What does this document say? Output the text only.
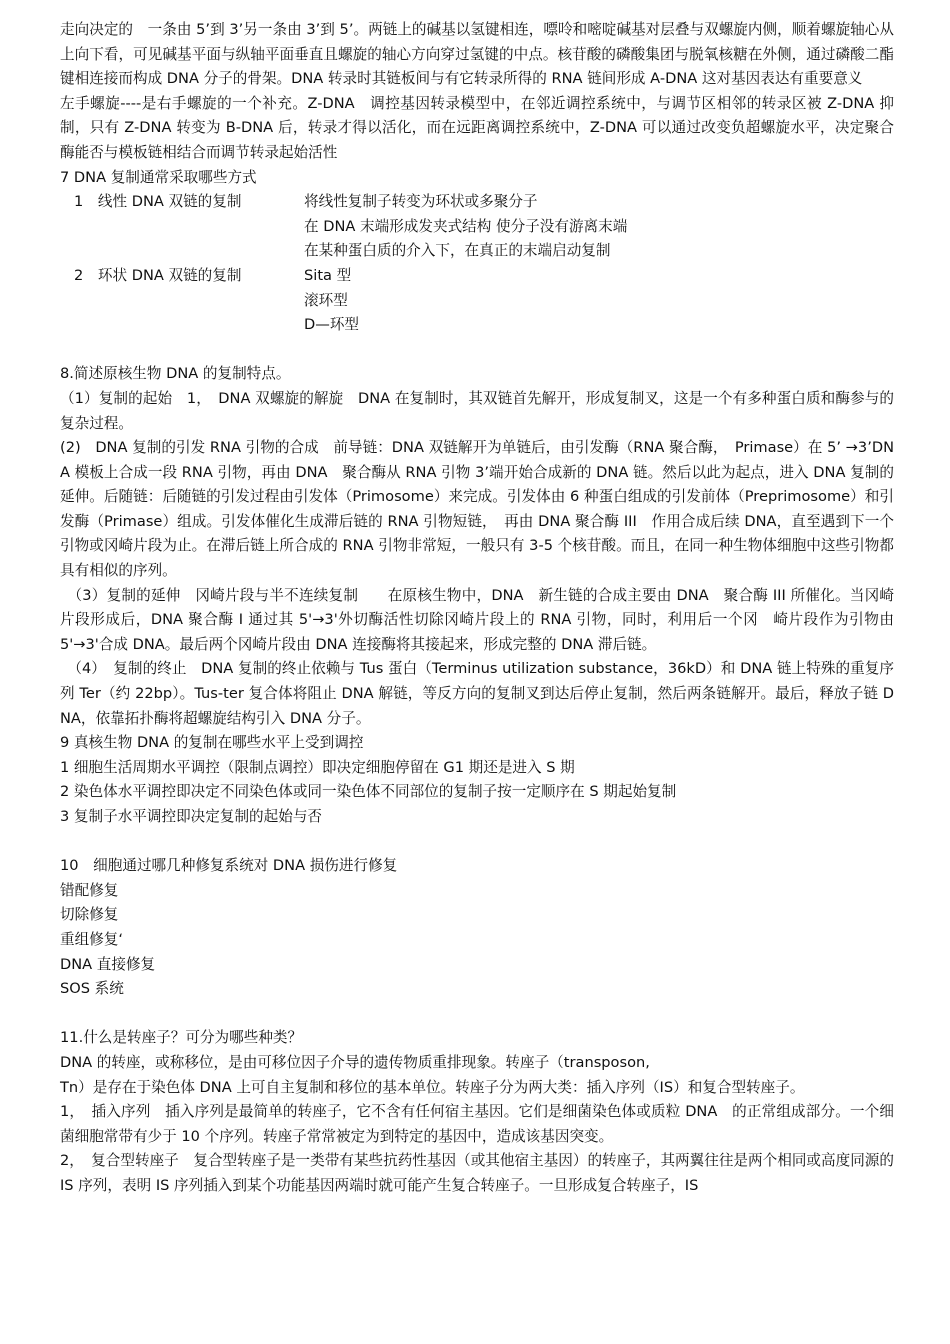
走向决定的　一条由 5’到 3’另一条由 3’到 5’。两链上的碱基以氢键相连，嘌呤和嘧啶碱基对层叠与双螺旋内侧，顺着螺旋轴心从上向下看，可见碱基平面与纵轴平面垂直且螺旋的轴心方向穿过氢键的中点。核苷酸的磷酸集团与脱氧核糖在外侧，通过磷酸二酯键相连接而构成 DNA 分子的骨架。DNA 转录时其链板间与有它转录所得的 RNA 链间形成 A-DNA 这对基因表达有重要意义

左手螺旋----是右手螺旋的一个补充。Z-DNA　调控基因转录模型中，在邻近调控系统中，与调节区相邻的转录区被 Z-DNA 抑制，只有 Z-DNA 转变为 B-DNA 后，转录才得以活化，而在远距离调控系统中，Z-DNA 可以通过改变负超螺旋水平，决定聚合酶能否与模板链相结合而调节转录起始活性

7 DNA 复制通常采取哪些方式

1　线性 DNA 双链的复制	将线性复制子转变为环状或多聚分子
在 DNA 末端形成发夹式结构 使分子没有游离末端
在某种蛋白质的介入下，在真正的末端启动复制
2　环状 DNA 双链的复制	Sita 型
滚环型
D—环型

8.简述原核生物 DNA 的复制特点。

（1）复制的起始　1，　DNA 双螺旋的解旋　DNA 在复制时，其双链首先解开，形成复制叉，这是一个有多种蛋白质和酶参与的复杂过程。

(2)　DNA 复制的引发 RNA 引物的合成　前导链：DNA 双链解开为单链后，由引发酶（RNA 聚合酶，　Primase）在 5’ →3’DNA 模板上合成一段 RNA 引物，再由 DNA　聚合酶从 RNA 引物 3’端开始合成新的 DNA 链。然后以此为起点，进入 DNA 复制的延伸。后随链：后随链的引发过程由引发体（Primosome）来完成。引发体由 6 种蛋白组成的引发前体（Preprimosome）和引发酶（Primase）组成。引发体催化生成滞后链的 RNA 引物短链，　再由 DNA 聚合酶 III　作用合成后续 DNA，直至遇到下一个引物或冈崎片段为止。在滞后链上所合成的 RNA 引物非常短，一般只有 3-5 个核苷酸。而且，在同一种生物体细胞中这些引物都具有相似的序列。

　（3）复制的延伸　冈崎片段与半不连续复制　　在原核生物中，DNA　新生链的合成主要由 DNA　聚合酶 III 所催化。当冈崎片段形成后，DNA 聚合酶 I 通过其 5'→3'外切酶活性切除冈崎片段上的 RNA 引物，同时，利用后一个冈　崎片段作为引物由 5'→3'合成 DNA。最后两个冈崎片段由 DNA 连接酶将其接起来，形成完整的 DNA 滞后链。

　（4）　复制的终止　DNA 复制的终止依赖与 Tus 蛋白（Terminus utilization substance，36kD）和 DNA 链上特殊的重复序列 Ter（约 22bp）。Tus-ter 复合体将阻止 DNA 解链，等反方向的复制叉到达后停止复制，然后两条链解开。最后，释放子链 DNA，依靠拓扑酶将超螺旋结构引入 DNA 分子。

9 真核生物 DNA 的复制在哪些水平上受到调控

1 细胞生活周期水平调控（限制点调控）即决定细胞停留在 G1 期还是进入 S 期

2 染色体水平调控即决定不同染色体或同一染色体不同部位的复制子按一定顺序在 S 期起始复制

3 复制子水平调控即决定复制的起始与否

10　细胞通过哪几种修复系统对 DNA 损伤进行修复

错配修复

切除修复

重组修复‘

DNA 直接修复

SOS 系统

11.什么是转座子？可分为哪些种类？

DNA 的转座，或称移位，是由可移位因子介导的遗传物质重排现象。转座子（transposon,

Tn）是存在于染色体 DNA 上可自主复制和移位的基本单位。转座子分为两大类：插入序列（IS）和复合型转座子。

1，　插入序列　插入序列是最简单的转座子，它不含有任何宿主基因。它们是细菌染色体或质粒 DNA　的正常组成部分。一个细菌细胞常带有少于 10 个序列。转座子常常被定为到特定的基因中，造成该基因突变。

2，　复合型转座子　复合型转座子是一类带有某些抗药性基因（或其他宿主基因）的转座子，其两翼往往是两个相同或高度同源的 IS 序列，表明 IS 序列插入到某个功能基因两端时就可能产生复合转座子。一旦形成复合转座子，IS
